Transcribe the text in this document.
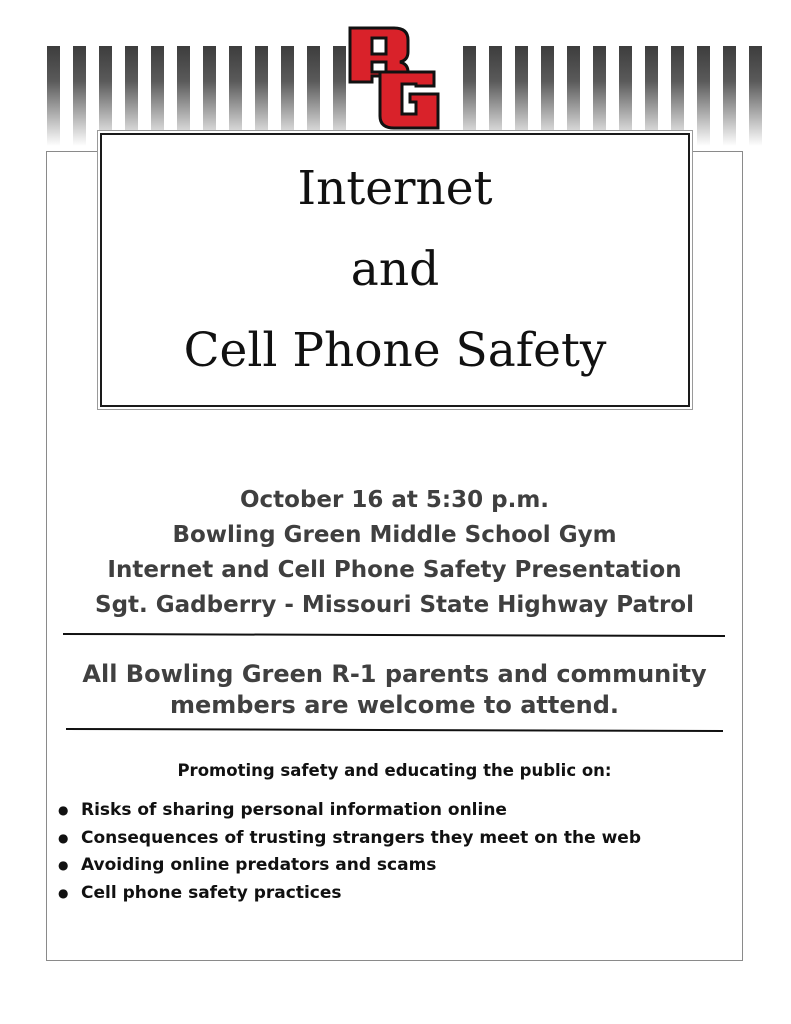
Internet
and
Cell Phone Safety
October 16 at 5:30 p.m.
Bowling Green Middle School Gym
Internet and Cell Phone Safety Presentation
Sgt. Gadberry - Missouri State Highway Patrol
All Bowling Green R-1 parents and community
members are welcome to attend.
Promoting safety and educating the public on:
● Risks of sharing personal information online
● Consequences of trusting strangers they meet on the web
● Avoiding online predators and scams
● Cell phone safety practices
